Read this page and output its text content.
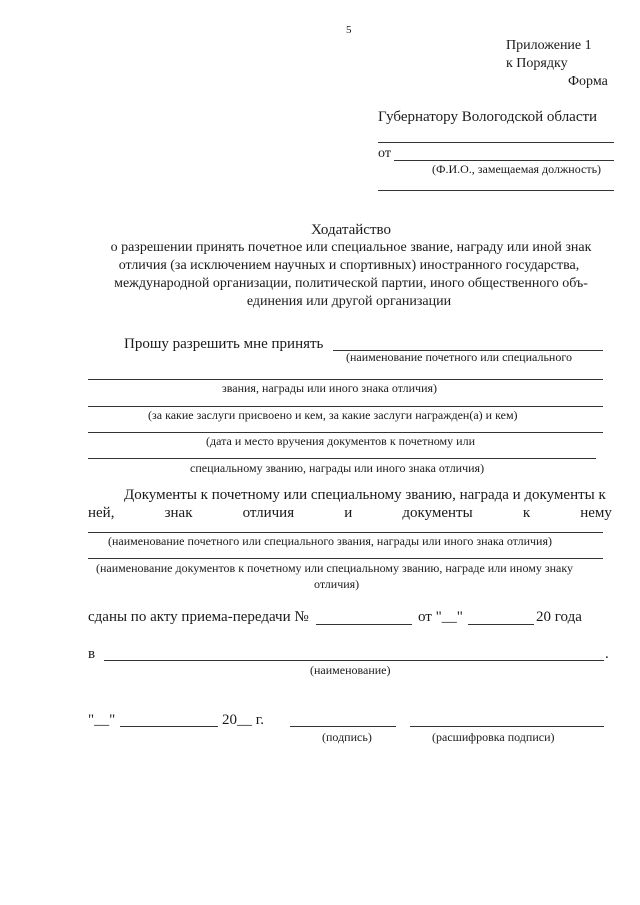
5
Приложение 1
к Порядку
Форма
Губернатору Вологодской области
от
(Ф.И.О., замещаемая должность)
Ходатайство
о разрешении принять почетное или специальное звание, награду или иной знак
отличия (за исключением научных и спортивных) иностранного государства,
международной организации, политической партии, иного общественного объ-
единения или другой организации
Прошу разрешить мне принять
(наименование почетного или специального
звания, награды или иного знака отличия)
(за какие заслуги присвоено и кем, за какие заслуги награжден(а) и кем)
(дата и место вручения документов к почетному или
специальному званию, награды или иного знака отличия)
Документы к почетному или специальному званию, награда и документы к
ней,	знак	отличия	и	документы	к	нему
(наименование почетного или специального звания, награды или иного знака отличия)
(наименование документов к почетному или специальному званию, награде или иному знаку
отличия)
сданы по акту приема-передачи №	от "__"	20 года
в	.
(наименование)
"__"	20__ г.
(подпись)	(расшифровка подписи)
